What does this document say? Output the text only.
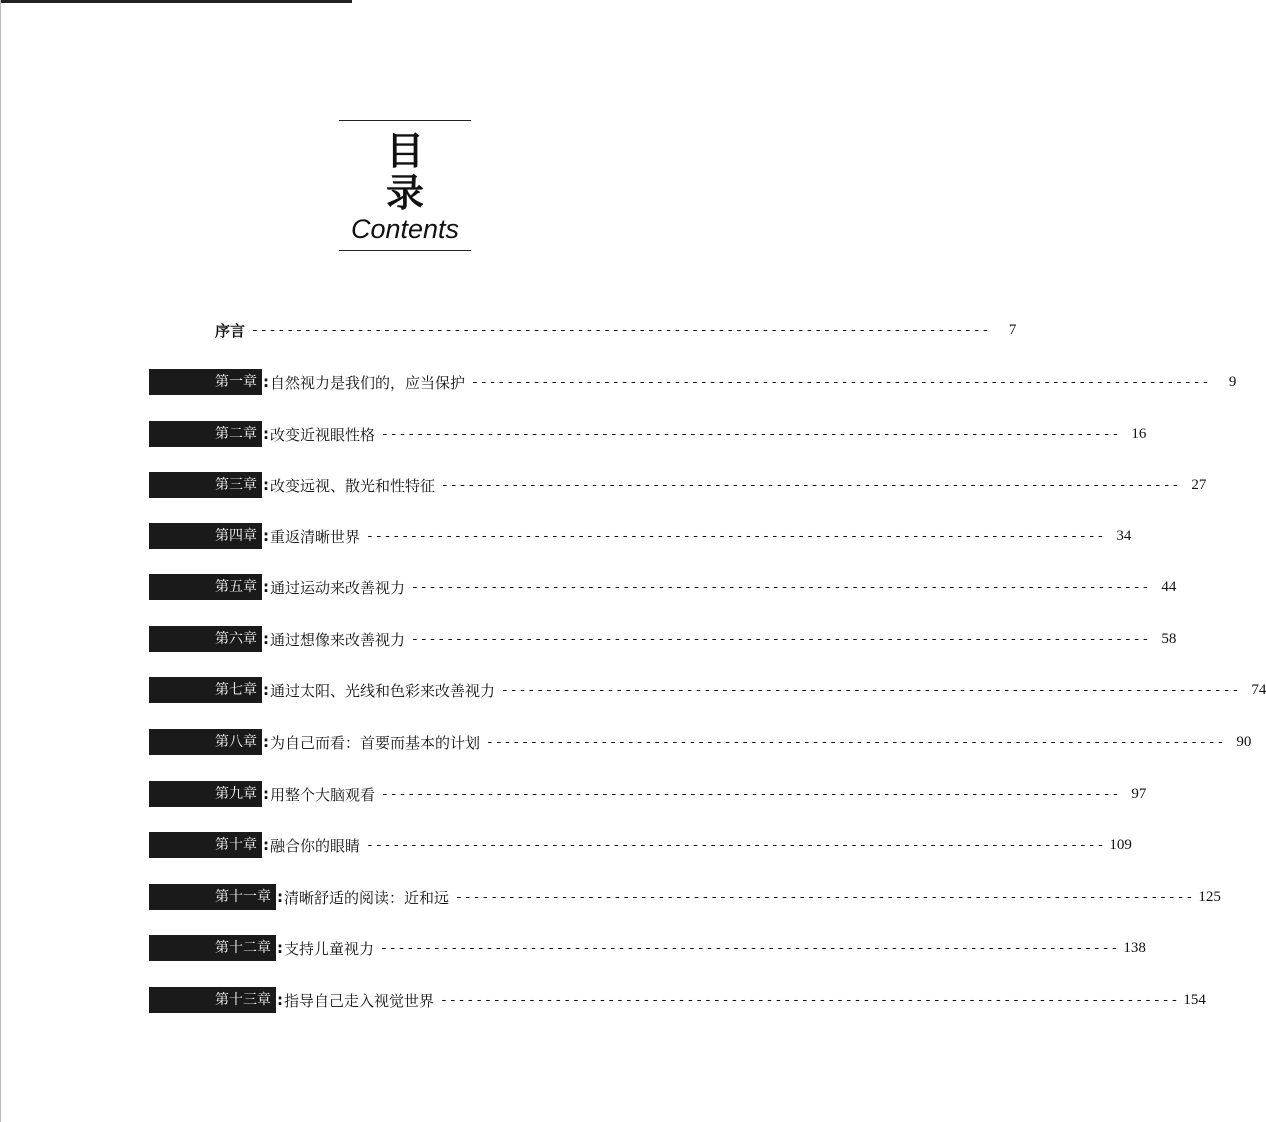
目 录
Contents
序言 ------------------------------------------------------------------------------------	7
第一章 : 自然视力是我们的，应当保护 ------------------------------------------------------------------------------------	9
第二章 : 改变近视眼性格 ------------------------------------------------------------------------------------ 16
第三章 : 改变远视、散光和性特征 ------------------------------------------------------------------------------------ 27
第四章 : 重返清晰世界 ------------------------------------------------------------------------------------ 34
第五章 : 通过运动来改善视力 ------------------------------------------------------------------------------------ 44
第六章 : 通过想像来改善视力 ------------------------------------------------------------------------------------ 58
第七章 : 通过太阳、光线和色彩来改善视力 ------------------------------------------------------------------------------------ 74
第八章 : 为自己而看：首要而基本的计划 ------------------------------------------------------------------------------------ 90
第九章 : 用整个大脑观看 ------------------------------------------------------------------------------------ 97
第十章 : 融合你的眼睛 ------------------------------------------------------------------------------------ 109
第十一章 : 清晰舒适的阅读：近和远 ------------------------------------------------------------------------------------ 125
第十二章 : 支持儿童视力 ------------------------------------------------------------------------------------ 138
第十三章 : 指导自己走入视觉世界 ------------------------------------------------------------------------------------ 154
